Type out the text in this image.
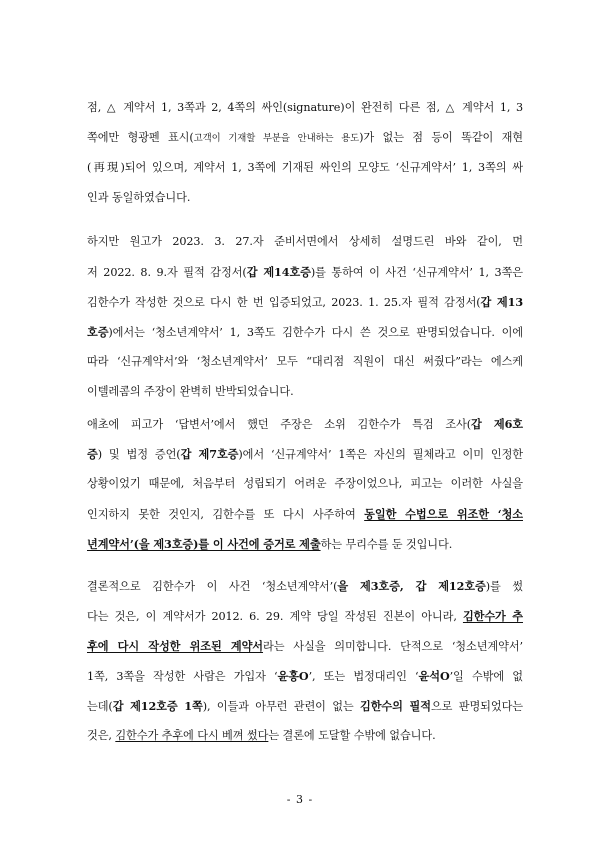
점, △ 계약서 1, 3쪽과 2, 4쪽의 싸인(signature)이 완전히 다른 점, △ 계약서 1, 3
쪽에만 형광펜 표시(고객이 기재할 부분을 안내하는 용도)가 없는 점 등이 똑같이 재현
(再現)되어 있으며, 계약서 1, 3쪽에 기재된 싸인의 모양도 ‘신규계약서’ 1, 3쪽의 싸
인과 동일하였습니다.
하지만 원고가 2023. 3. 27.자 준비서면에서 상세히 설명드린 바와 같이, 먼
저 2022. 8. 9.자 필적 감정서(갑 제14호증)를 통하여 이 사건 ‘신규계약서’ 1, 3쪽은
김한수가 작성한 것으로 다시 한 번 입증되었고, 2023. 1. 25.자 필적 감정서(갑 제13
호증)에서는 ‘청소년계약서’ 1, 3쪽도 김한수가 다시 쓴 것으로 판명되었습니다. 이에
따라 ‘신규계약서’와 ‘청소년계약서’ 모두 “대리점 직원이 대신 써줬다”라는 에스케
이텔레콤의 주장이 완벽히 반박되었습니다.
애초에 피고가 ‘답변서’에서 했던 주장은 소위 김한수가 특검 조사(갑 제6호
증) 및 법정 증언(갑 제7호증)에서 ‘신규계약서’ 1쪽은 자신의 필체라고 이미 인정한
상황이었기 때문에, 처음부터 성립되기 어려운 주장이었으나, 피고는 이러한 사실을
인지하지 못한 것인지, 김한수를 또 다시 사주하여 동일한 수법으로 위조한 ‘청소
년계약서’(을 제3호증)를 이 사건에 증거로 제출하는 무리수를 둔 것입니다.
결론적으로 김한수가 이 사건 ‘청소년계약서’(을 제3호증, 갑 제12호증)를 썼
다는 것은, 이 계약서가 2012. 6. 29. 계약 당일 작성된 진본이 아니라, 김한수가 추
후에 다시 작성한 위조된 계약서라는 사실을 의미합니다. 단적으로 ‘청소년계약서’
1쪽, 3쪽을 작성한 사람은 가입자 ‘윤홍O’, 또는 법정대리인 ‘윤석O’일 수밖에 없
는데(갑 제12호증 1쪽), 이들과 아무런 관련이 없는 김한수의 필적으로 판명되었다는
것은, 김한수가 추후에 다시 베껴 썼다는 결론에 도달할 수밖에 없습니다.
- 3 -
